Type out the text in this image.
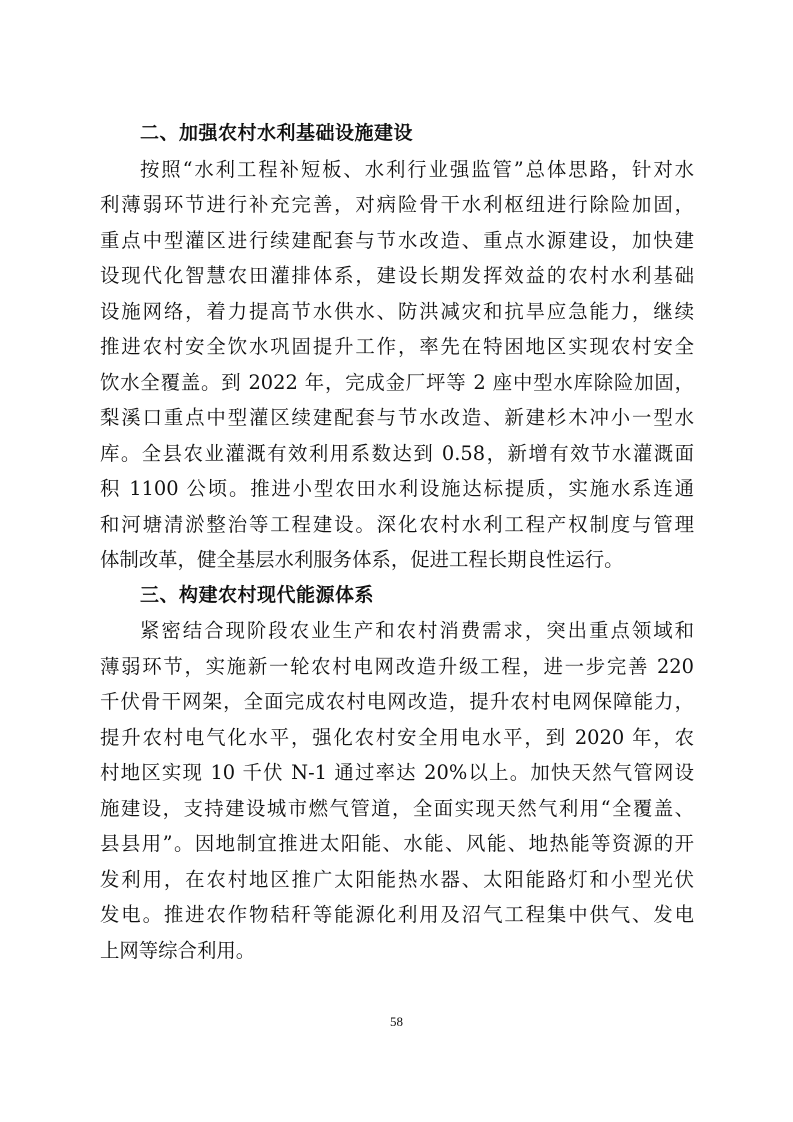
二、加强农村水利基础设施建设

按照“水利工程补短板、水利行业强监管”总体思路，针对水
利薄弱环节进行补充完善，对病险骨干水利枢纽进行除险加固，
重点中型灌区进行续建配套与节水改造、重点水源建设，加快建
设现代化智慧农田灌排体系，建设长期发挥效益的农村水利基础
设施网络，着力提高节水供水、防洪减灾和抗旱应急能力，继续
推进农村安全饮水巩固提升工作，率先在特困地区实现农村安全
饮水全覆盖。到 2022 年，完成金厂坪等 2 座中型水库除险加固，
梨溪口重点中型灌区续建配套与节水改造、新建杉木冲小一型水
库。全县农业灌溉有效利用系数达到 0.58，新增有效节水灌溉面
积 1100 公顷。推进小型农田水利设施达标提质，实施水系连通
和河塘清淤整治等工程建设。深化农村水利工程产权制度与管理
体制改革，健全基层水利服务体系，促进工程长期良性运行。

三、构建农村现代能源体系

紧密结合现阶段农业生产和农村消费需求，突出重点领域和
薄弱环节，实施新一轮农村电网改造升级工程，进一步完善 220
千伏骨干网架，全面完成农村电网改造，提升农村电网保障能力，
提升农村电气化水平，强化农村安全用电水平，到 2020 年，农
村地区实现 10 千伏 N-1 通过率达 20%以上。加快天然气管网设
施建设，支持建设城市燃气管道，全面实现天然气利用“全覆盖、
县县用”。因地制宜推进太阳能、水能、风能、地热能等资源的开
发利用，在农村地区推广太阳能热水器、太阳能路灯和小型光伏
发电。推进农作物秸秆等能源化利用及沼气工程集中供气、发电
上网等综合利用。

58
